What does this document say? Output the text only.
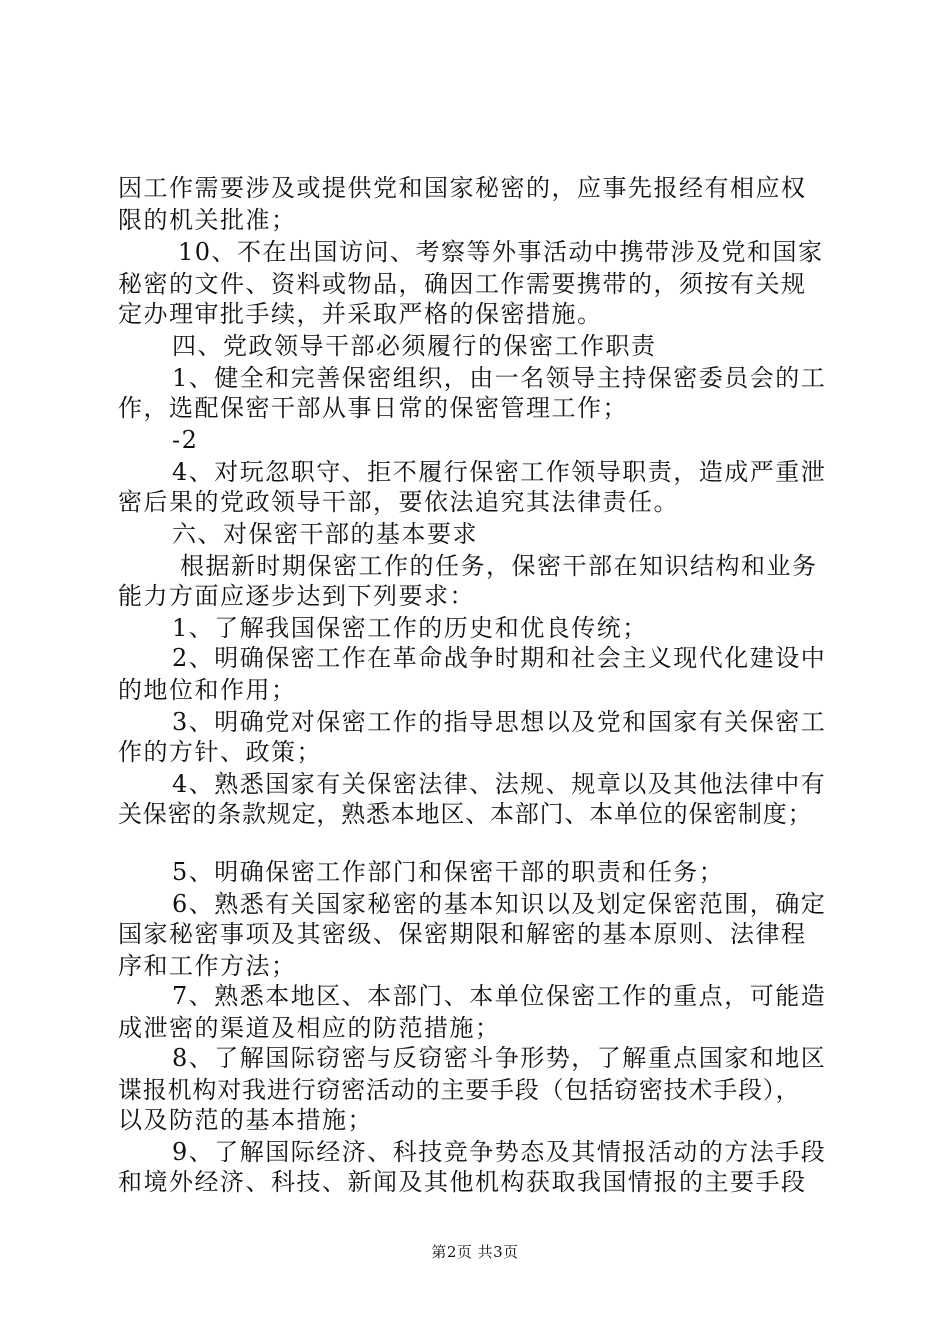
因工作需要涉及或提供党和国家秘密的，应事先报经有相应权
限的机关批准；
10、不在出国访问、考察等外事活动中携带涉及党和国家
秘密的文件、资料或物品，确因工作需要携带的，须按有关规
定办理审批手续，并采取严格的保密措施。
四、党政领导干部必须履行的保密工作职责
1、健全和完善保密组织，由一名领导主持保密委员会的工
作，选配保密干部从事日常的保密管理工作；
-2
4、对玩忽职守、拒不履行保密工作领导职责，造成严重泄
密后果的党政领导干部，要依法追究其法律责任。
六、对保密干部的基本要求
根据新时期保密工作的任务，保密干部在知识结构和业务
能力方面应逐步达到下列要求：
1、了解我国保密工作的历史和优良传统；
2、明确保密工作在革命战争时期和社会主义现代化建设中
的地位和作用；
3、明确党对保密工作的指导思想以及党和国家有关保密工
作的方针、政策；
4、熟悉国家有关保密法律、法规、规章以及其他法律中有
关保密的条款规定，熟悉本地区、本部门、本单位的保密制度；
5、明确保密工作部门和保密干部的职责和任务；
6、熟悉有关国家秘密的基本知识以及划定保密范围，确定
国家秘密事项及其密级、保密期限和解密的基本原则、法律程
序和工作方法；
7、熟悉本地区、本部门、本单位保密工作的重点，可能造
成泄密的渠道及相应的防范措施；
8、了解国际窃密与反窃密斗争形势，了解重点国家和地区
谍报机构对我进行窃密活动的主要手段（包括窃密技术手段），
以及防范的基本措施；
9、了解国际经济、科技竞争势态及其情报活动的方法手段
和境外经济、科技、新闻及其他机构获取我国情报的主要手段
第2页 共3页
